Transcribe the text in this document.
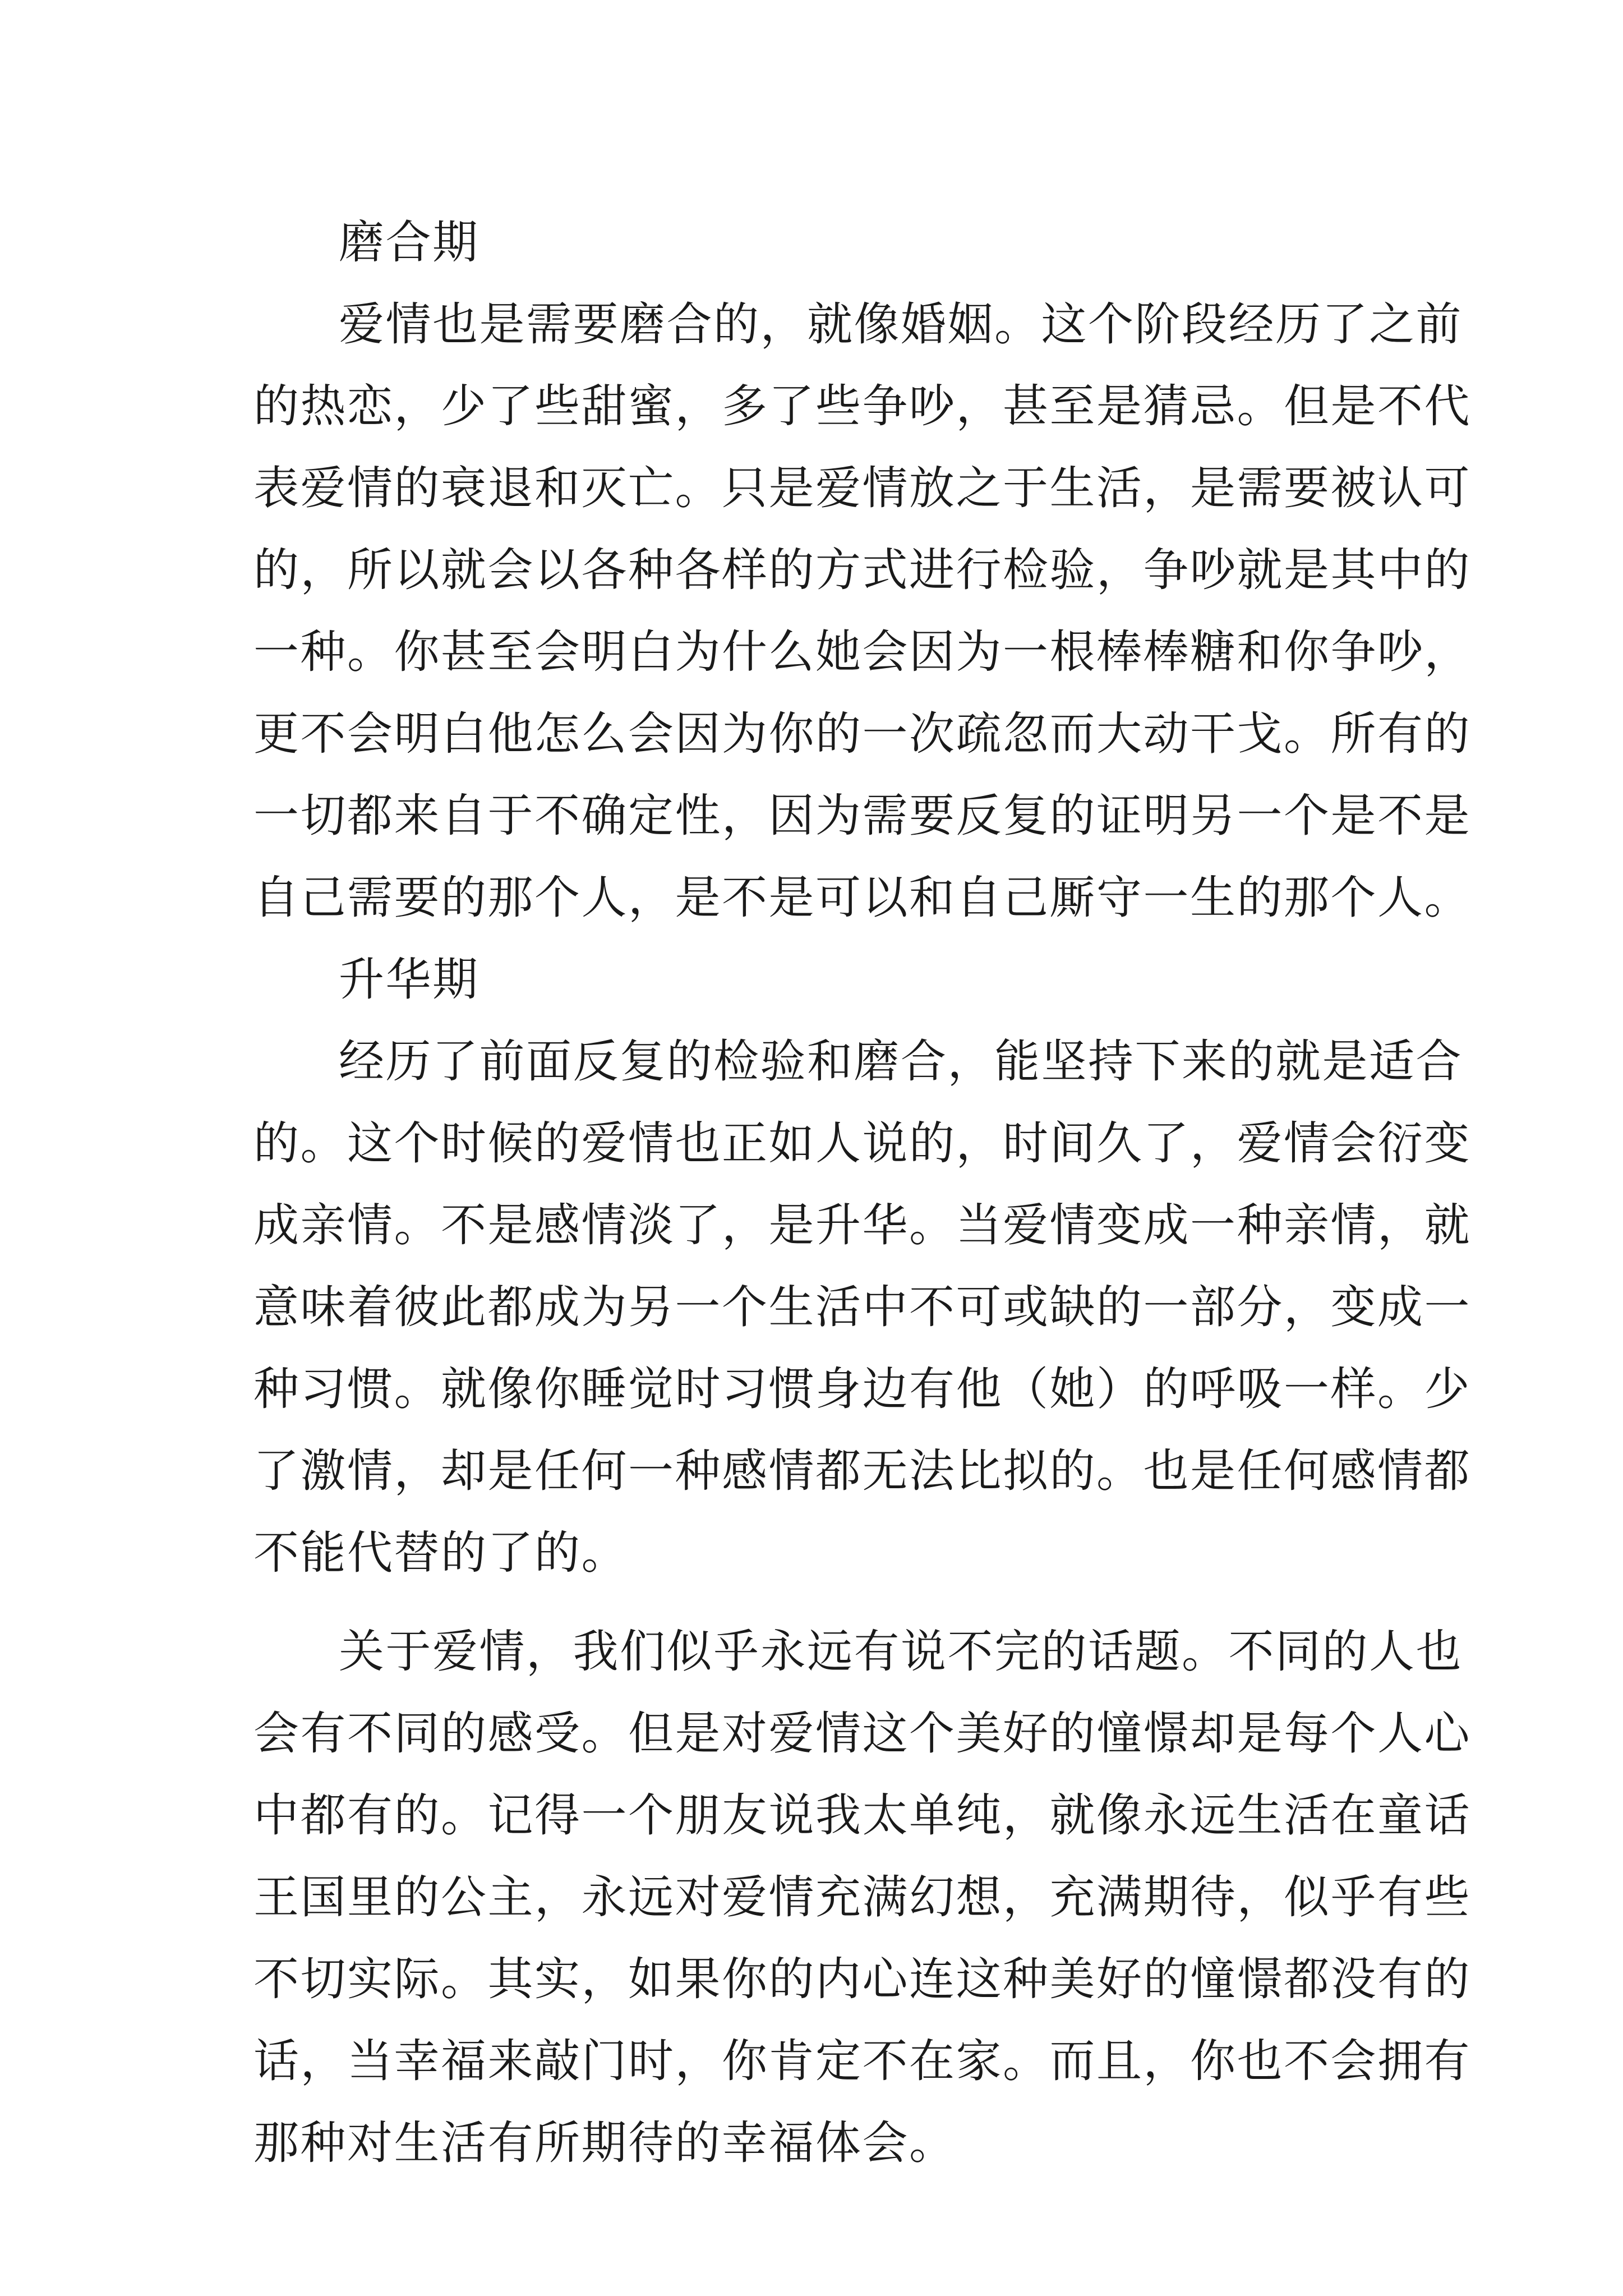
磨合期
爱情也是需要磨合的，就像婚姻。这个阶段经历了之前
的热恋，少了些甜蜜，多了些争吵，甚至是猜忌。但是不代
表爱情的衰退和灭亡。只是爱情放之于生活，是需要被认可
的，所以就会以各种各样的方式进行检验，争吵就是其中的
一种。你甚至会明白为什么她会因为一根棒棒糖和你争吵，
更不会明白他怎么会因为你的一次疏忽而大动干戈。所有的
一切都来自于不确定性，因为需要反复的证明另一个是不是
自己需要的那个人，是不是可以和自己厮守一生的那个人。
升华期
经历了前面反复的检验和磨合，能坚持下来的就是适合
的。这个时候的爱情也正如人说的，时间久了，爱情会衍变
成亲情。不是感情淡了，是升华。当爱情变成一种亲情，就
意味着彼此都成为另一个生活中不可或缺的一部分，变成一
种习惯。就像你睡觉时习惯身边有他（她）的呼吸一样。少
了激情，却是任何一种感情都无法比拟的。也是任何感情都
不能代替的了的。
关于爱情，我们似乎永远有说不完的话题。不同的人也
会有不同的感受。但是对爱情这个美好的憧憬却是每个人心
中都有的。记得一个朋友说我太单纯，就像永远生活在童话
王国里的公主，永远对爱情充满幻想，充满期待，似乎有些
不切实际。其实，如果你的内心连这种美好的憧憬都没有的
话，当幸福来敲门时，你肯定不在家。而且，你也不会拥有
那种对生活有所期待的幸福体会。
